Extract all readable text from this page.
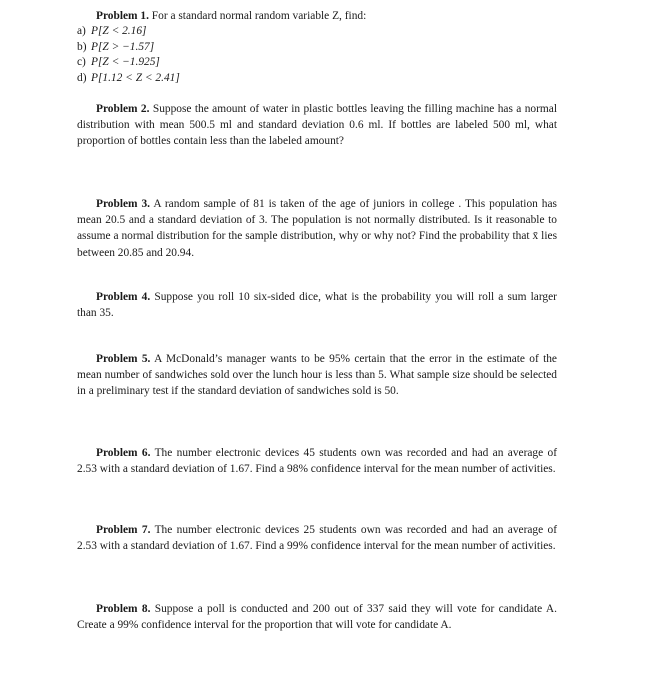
Problem 1. For a standard normal random variable Z, find:
a) P[Z < 2.16]
b) P[Z > −1.57]
c) P[Z < −1.925]
d) P[1.12 < Z < 2.41]
Problem 2. Suppose the amount of water in plastic bottles leaving the filling machine has a normal distribution with mean 500.5 ml and standard deviation 0.6 ml. If bottles are labeled 500 ml, what proportion of bottles contain less than the labeled amount?
Problem 3. A random sample of 81 is taken of the age of juniors in college . This population has mean 20.5 and a standard deviation of 3. The population is not normally distributed. Is it reasonable to assume a normal distribution for the sample distribution, why or why not? Find the probability that x̄ lies between 20.85 and 20.94.
Problem 4. Suppose you roll 10 six-sided dice, what is the probability you will roll a sum larger than 35.
Problem 5. A McDonald’s manager wants to be 95% certain that the error in the estimate of the mean number of sandwiches sold over the lunch hour is less than 5. What sample size should be selected in a preliminary test if the standard deviation of sandwiches sold is 50.
Problem 6. The number electronic devices 45 students own was recorded and had an average of 2.53 with a standard deviation of 1.67. Find a 98% confidence interval for the mean number of activities.
Problem 7. The number electronic devices 25 students own was recorded and had an average of 2.53 with a standard deviation of 1.67. Find a 99% confidence interval for the mean number of activities.
Problem 8. Suppose a poll is conducted and 200 out of 337 said they will vote for candidate A. Create a 99% confidence interval for the proportion that will vote for candidate A.
